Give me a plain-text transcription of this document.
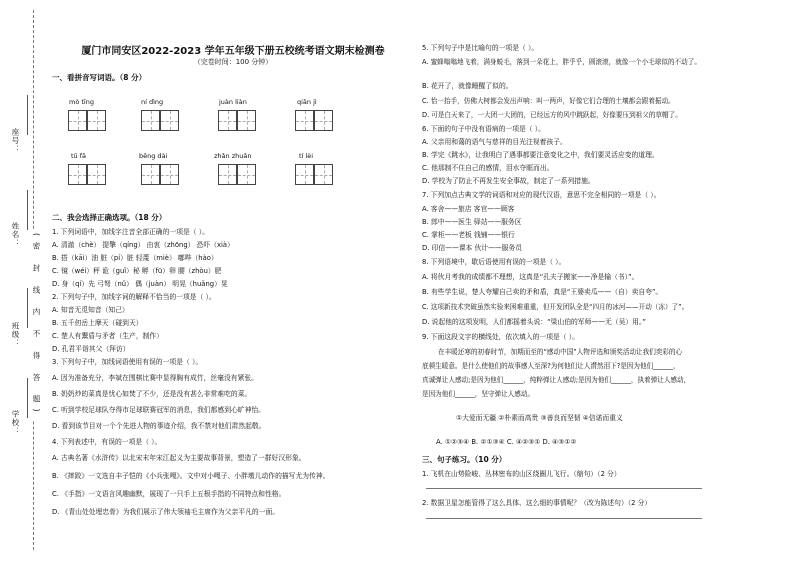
座号：
姓名：
班级：
学校：
(密 封 线 内 不 得 答 题)
厦门市同安区2022-2023 学年五年级下册五校统考语文期末检测卷
（完卷时间：100 分钟）
一、看拼音写词语。（8 分）
mò tīng	ní dìng	juàn liàn	qiān jì
tū fā	bēng dài	zhǎn zhuǎn	tí lèi
二、我会选择正确选项。（18 分）
1. 下列词语中，加线字注音全部正确的一项是（ ）。
A. 清澈（chè） 提擎（qíng） 由衷（zhōng） 恐吓（xià）
B. 搭（kāi）油 脏（pí）脏 轻蔑（miè） 嘟哔（hào）
C. 镜（wéi）秤 诡（guǐ）秘 孵（fū）卵 腰（zhòu）肥
D. 身（qí）先 弓弩（nǔ） 偶（juàn） 明晃（huǎng）晃
2. 下列句子中，加线字词的解释不恰当的一项是（ ）。
A. 知音无觅知音（知己）
B. 五千仞岳上摩天（碰到天）
C. 楚人有鬻盾与矛者（生产，制作）
D. 孔君平诣其父（拜访）
3. 下列句子中，加线词语使用有误的一项是（ ）。
A. 因为准备充分，李斌在围棋比赛中显得胸有成竹，丝毫没有紧张。
B. 奶奶炒的菜真是忧心如焚了不少，还是没有甚么非常难吃的菜。
C. 听到学校足球队夺得市足球联赛冠军的消息，我们都感到心旷神怡。
D. 看到该节目对一个个先进人物的事迹介绍，我不禁对他们肃然起敬。
4. 下列表述中，有误的一项是（ ）。
A. 古典名著《水浒传》以北宋末年宋江起义为主要故事背景，塑造了一群好汉形象。
B. 《摔跤》一文选自丰子恺的《小兵张嘎》。文中对小嘎子、小胖墩儿动作的描写尤为传神。
C. 《手指》一文语言风趣幽默，展现了一只手上五根手指的不同特点和性格。
D. 《青山处处埋忠骨》为我们展示了伟大领袖毛主席作为父亲平凡的一面。
5. 下列句子中是比喻句的一项是（ ）。
A. 蜜蜂嗡嗡地飞着，满身蜕毛，落到一朵花上，胖乎乎，圆滚滚，就像一个小毛球似的不动了。
B. 花开了，就像睡醒了似的。
C. 怡一抬手，仿佛大树都会发出声响：叫一两声，好像它们合理的土壤都会跟着振动。
D. 可是白天来了，一大团一大团的，已经远方的风中跳跃起，好像要压到祖父的草帽了。
6. 下面的句子中没有语病的一项是（ ）。
A. 父亲用和蔼的语气与慈祥的目光注视着孩子。
B. 学完《跳水》，让我明白了遇事都要注意变化之中，我们要灵活应变的道理。
C. 他那制不住自己的感情，泪水夺眶而出。
D. 学校为了防止不再发生安全事故，制定了一系列措施。
7. 下列加点古典文学的词语和对应的现代汉语，意思不完全相同的一项是（ ）。
A. 客舍——旅店 客官——顾客
B. 郎中——医生 驿站——服务区
C. 掌柜——老板 钱铺——银行
D. 印信——课本 伙计——服务员
8. 下列语境中，歇后语使用有误的一项是（ ）。
A. 将伙月考我的成绩都不理想，这真是“孔夫子搬家——净是输（书）”。
B. 有些学生说，楚人夸耀自己卖的矛和盾，真是“王婆卖瓜——（自）卖自夸”。
C. 这项新技术突破虽然实验来困难重重，但开发团队全是“四月的冰河——开动（冻）了”。
D. 说起他的这项发明，人们都摇着头说：“梁山伯的军师——无（吴）用。”
9. 下面这段文字的横线处，依次填入的一项是（ ）。
在丰暖还寒的初春时节，加期而至的“感动中国”人物评选和颁奖活动让我们奕彩的心
底顿生暖意。是什么使他们的故事感人至深?为何他们让人潸然泪下?是因为他们______，
真诚弹让人感动;是因为他们______，纯粹弹让人感动;是因为他们______，执着弹让人感动，
是因为他们______，坚守弹让人感动。
①大爱而无疆 ②朴素而高贵 ③善良而坚韧 ④信诺而重义
A. ①②③④ B. ②①③④ C. ④②③① D. ④③①②
三、句子练习。（10 分）
1. 飞机在山势险峻、丛林密布的山区绕圈儿飞行。（缩句）（2 分）
2. 数据卫星怎能管得了这么具体、这么细的事情呢？（改为陈述句）（2 分）
